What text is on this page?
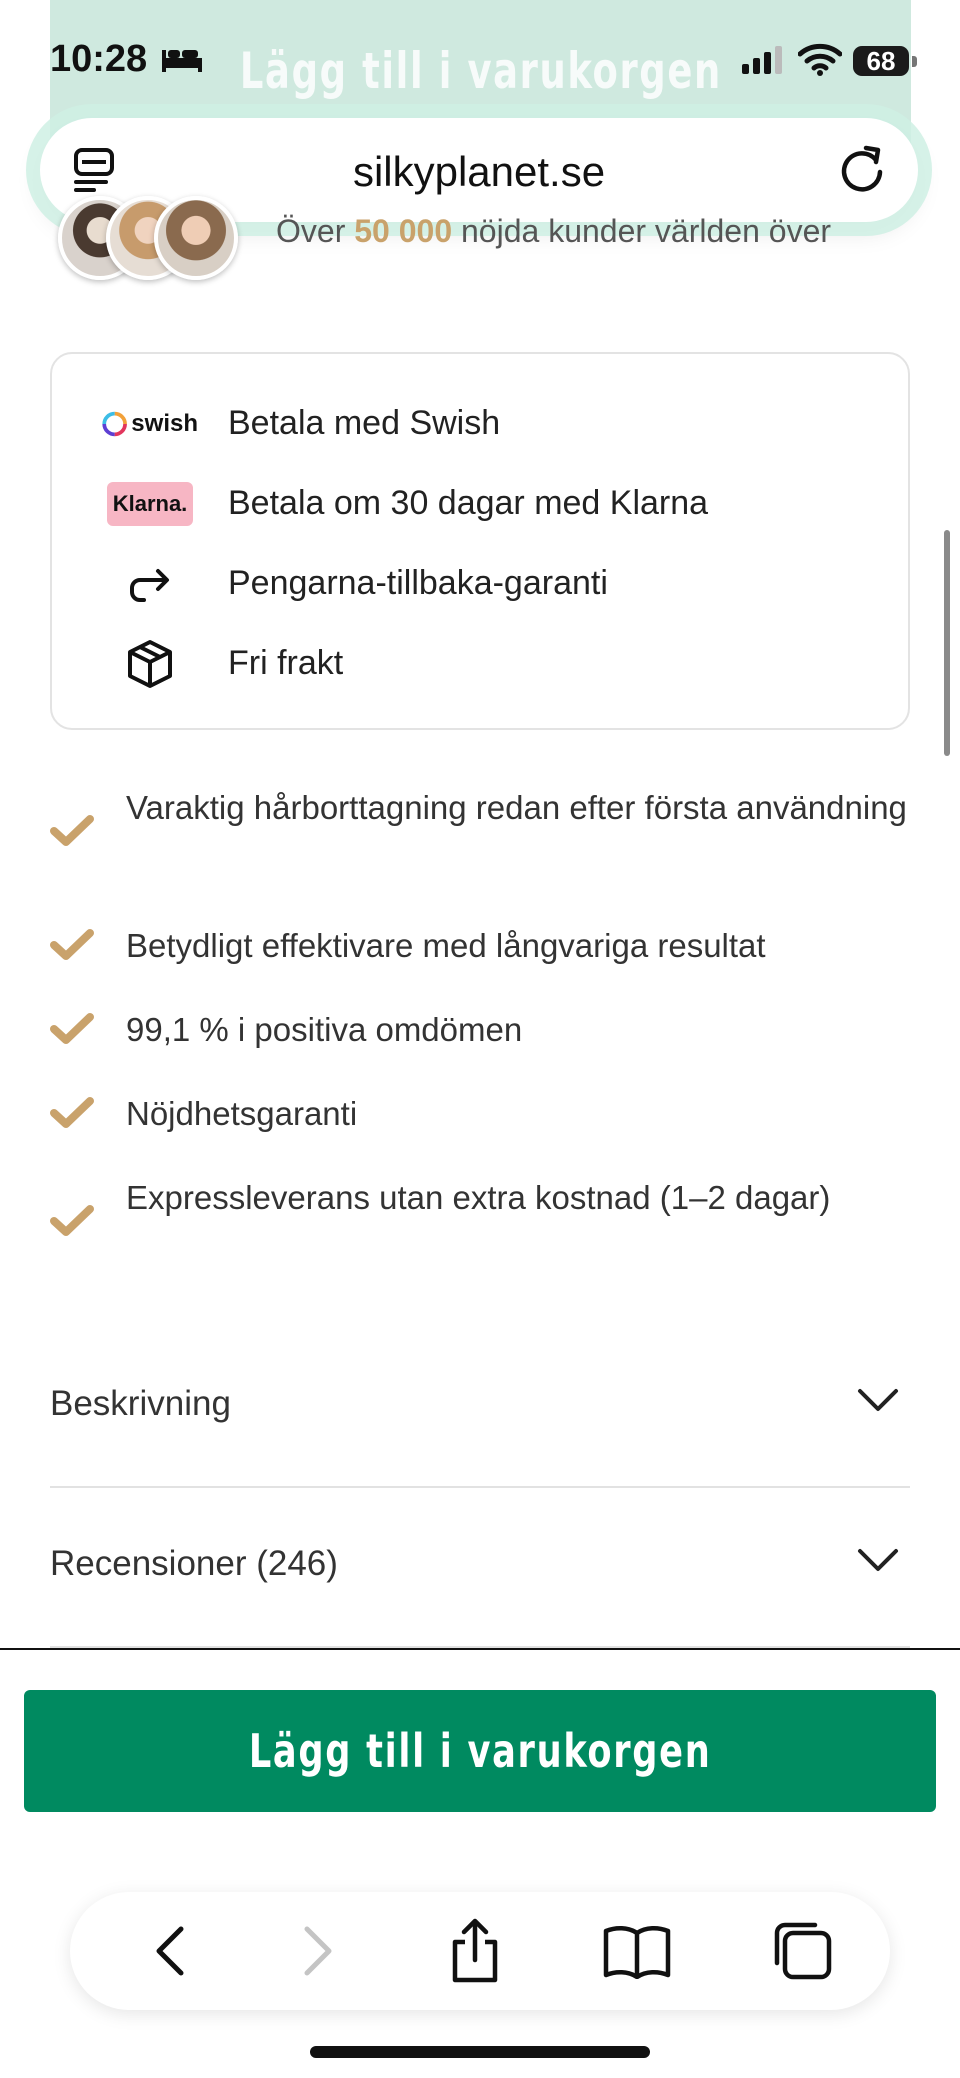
Lägg till i varukorgen
10:28	68
silkyplanet.se
Över 50 000 nöjda kunder världen över
swish Betala med Swish
Klarna. Betala om 30 dagar med Klarna
Pengarna-tillbaka-garanti
Fri frakt
Varaktig hårborttagning redan efter första användning
Betydligt effektivare med långvariga resultat
99,1 % i positiva omdömen
Nöjdhetsgaranti
Expressleverans utan extra kostnad (1–2 dagar)
Beskrivning
Recensioner (246)
Lägg till i varukorgen
